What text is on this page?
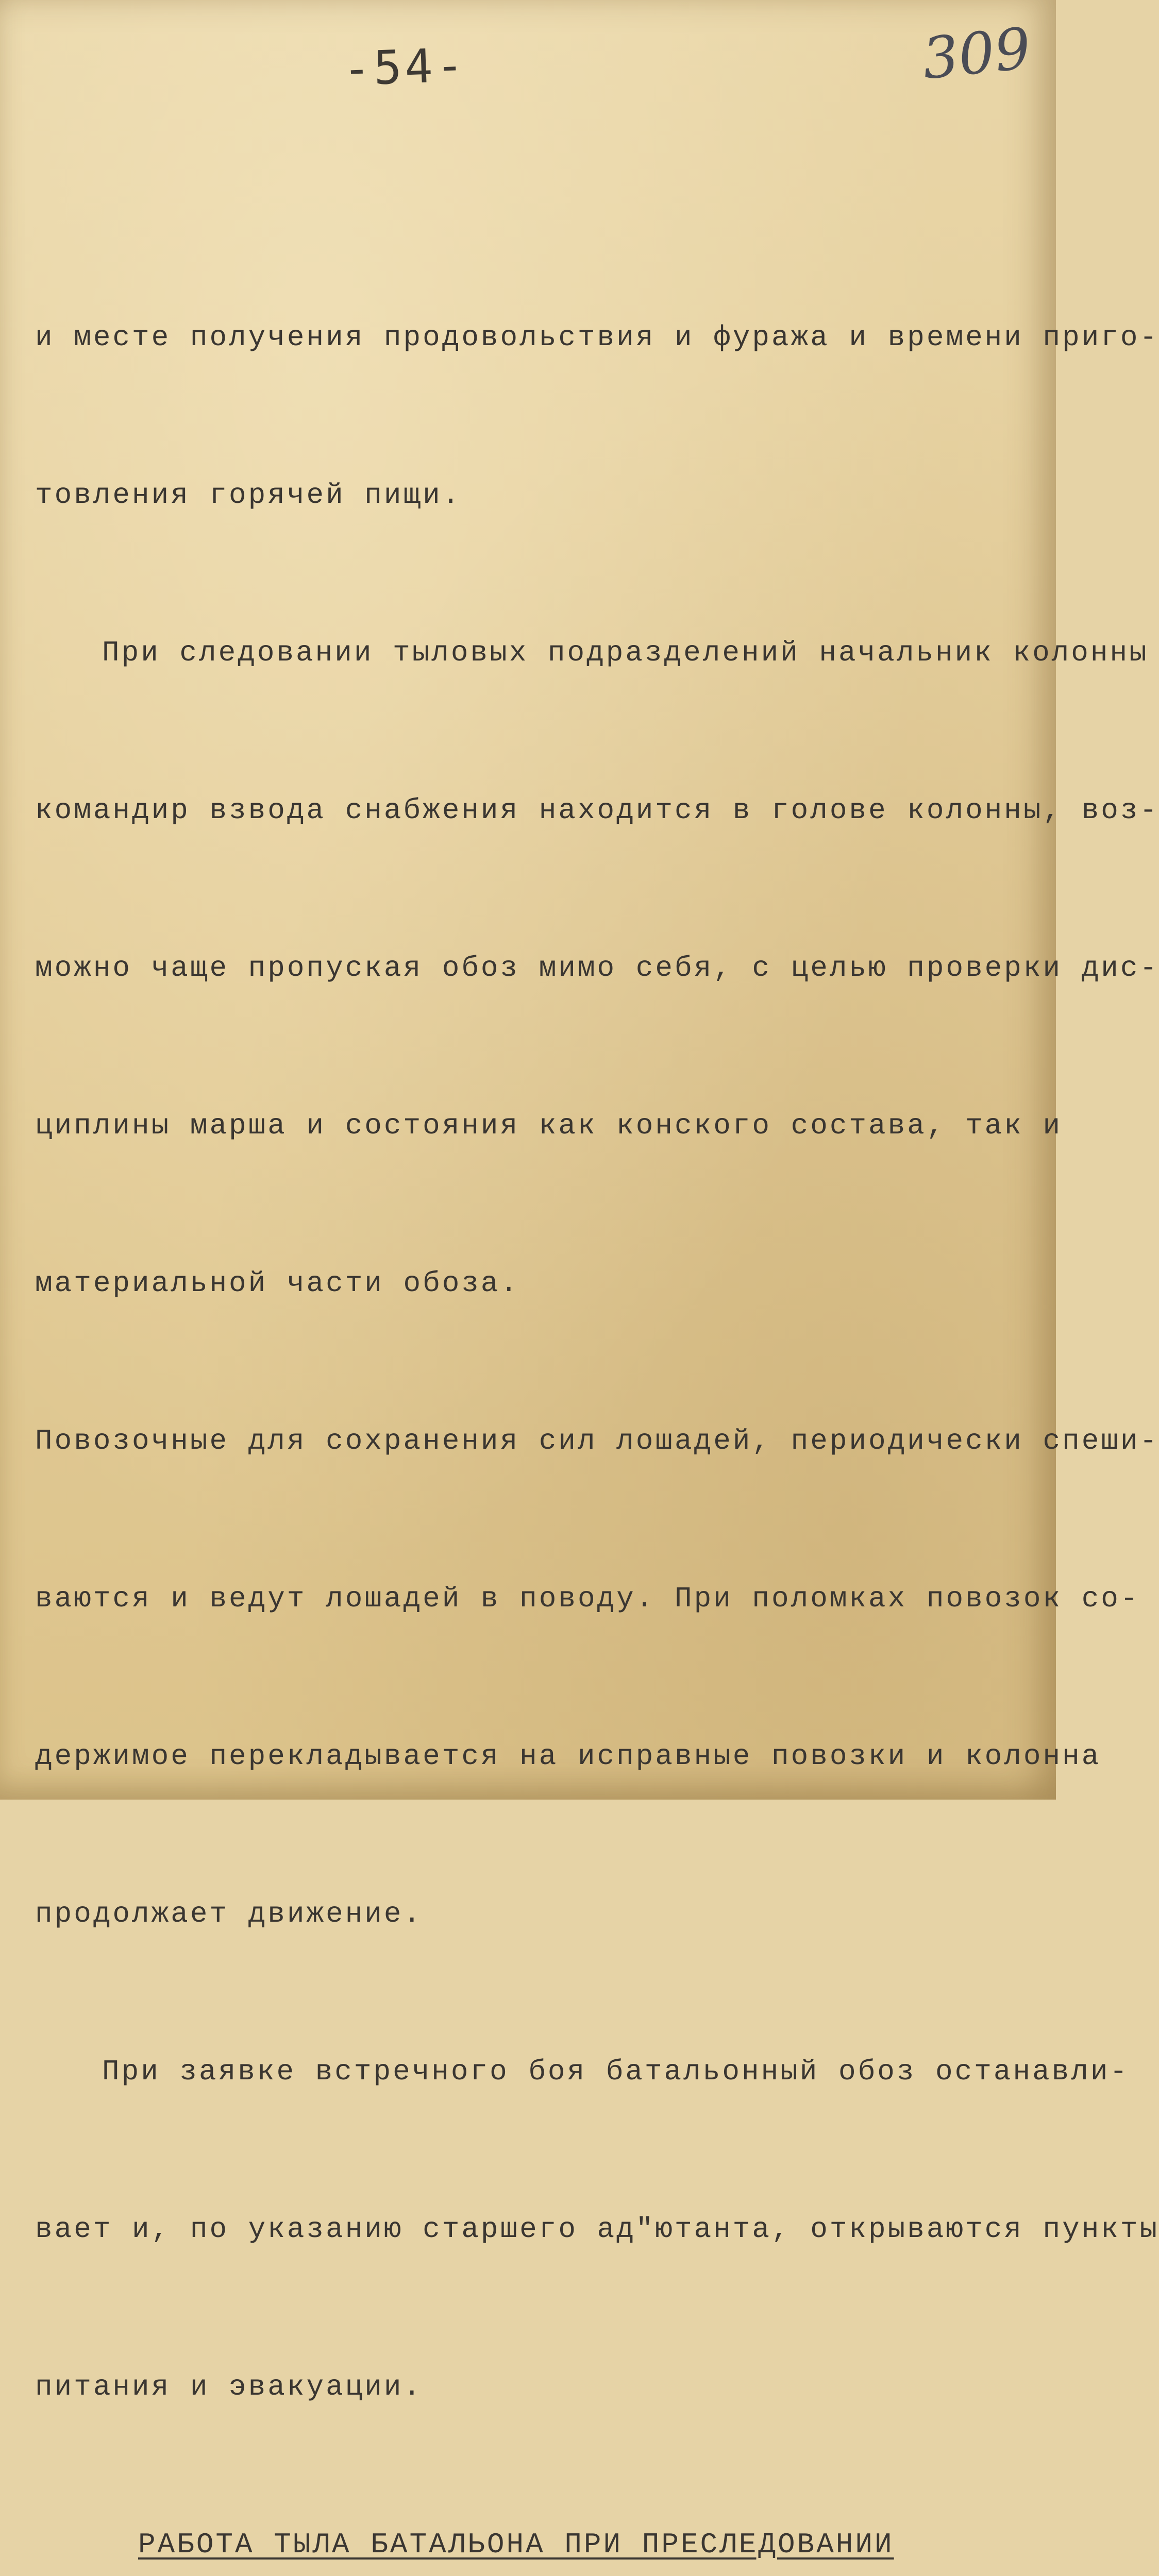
-54-	309

и месте получения продовольствия и фуража и времени приго-

товления горячей пищи.

При следовании тыловых подразделений начальник колонны

командир взвода снабжения находится в голове колонны, воз-

можно чаще пропуская обоз мимо себя, с целью проверки дис-

циплины марша и состояния как конского состава, так и

материальной части обоза.

Повозочные для сохранения сил лошадей, периодически спеши-

ваются и ведут лошадей в поводу. При поломках повозок со-

держимое перекладывается на исправные повозки и колонна

продолжает движение.

При заявке встречного боя батальонный обоз останавли-

вает и, по указанию старшего ад"ютанта, открываются пункты

питания и эвакуации.

РАБОТА ТЫЛА БАТАЛЬОНА ПРИ ПРЕСЛЕДОВАНИИ
